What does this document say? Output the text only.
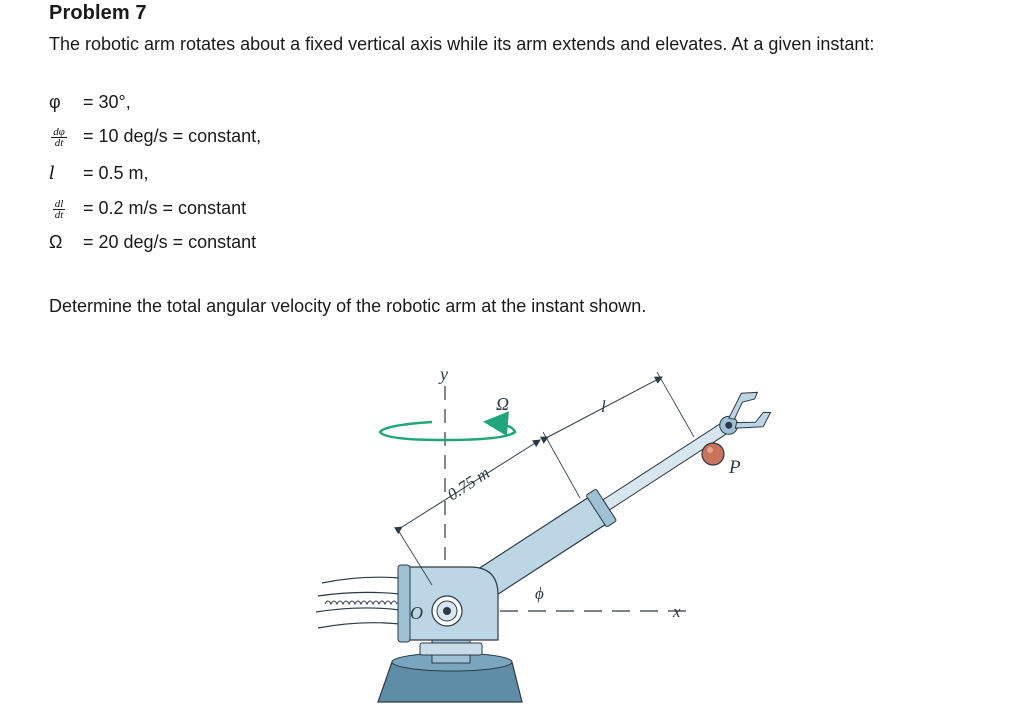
Problem 7
The robotic arm rotates about a fixed vertical axis while its arm extends and elevates. At a given instant:
φ = 30°,
$\frac{d\varphi}{dt} = 10$ deg/s = constant,
l = 0.5 m,
$\frac{dl}{dt} = 0.2$ m/s = constant
Ω = 20 deg/s = constant
Determine the total angular velocity of the robotic arm at the instant shown.
y
Ω
0.75 m
l
P
ϕ
x
O
